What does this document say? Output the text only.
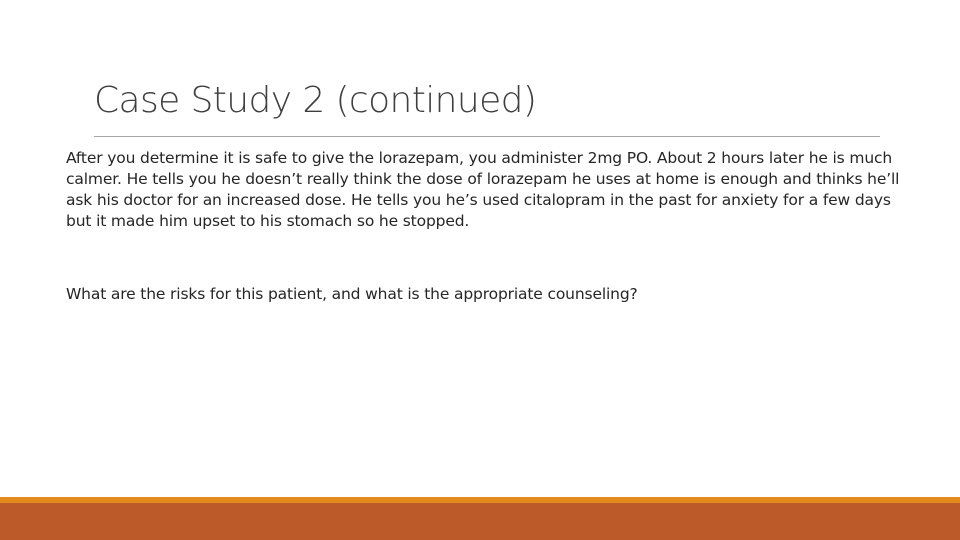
Case Study 2 (continued)
After you determine it is safe to give the lorazepam, you administer 2mg PO. About 2 hours later he is much calmer. He tells you he doesn’t really think the dose of lorazepam he uses at home is enough and thinks he’ll ask his doctor for an increased dose. He tells you he’s used citalopram in the past for anxiety for a few days but it made him upset to his stomach so he stopped.
What are the risks for this patient, and what is the appropriate counseling?
